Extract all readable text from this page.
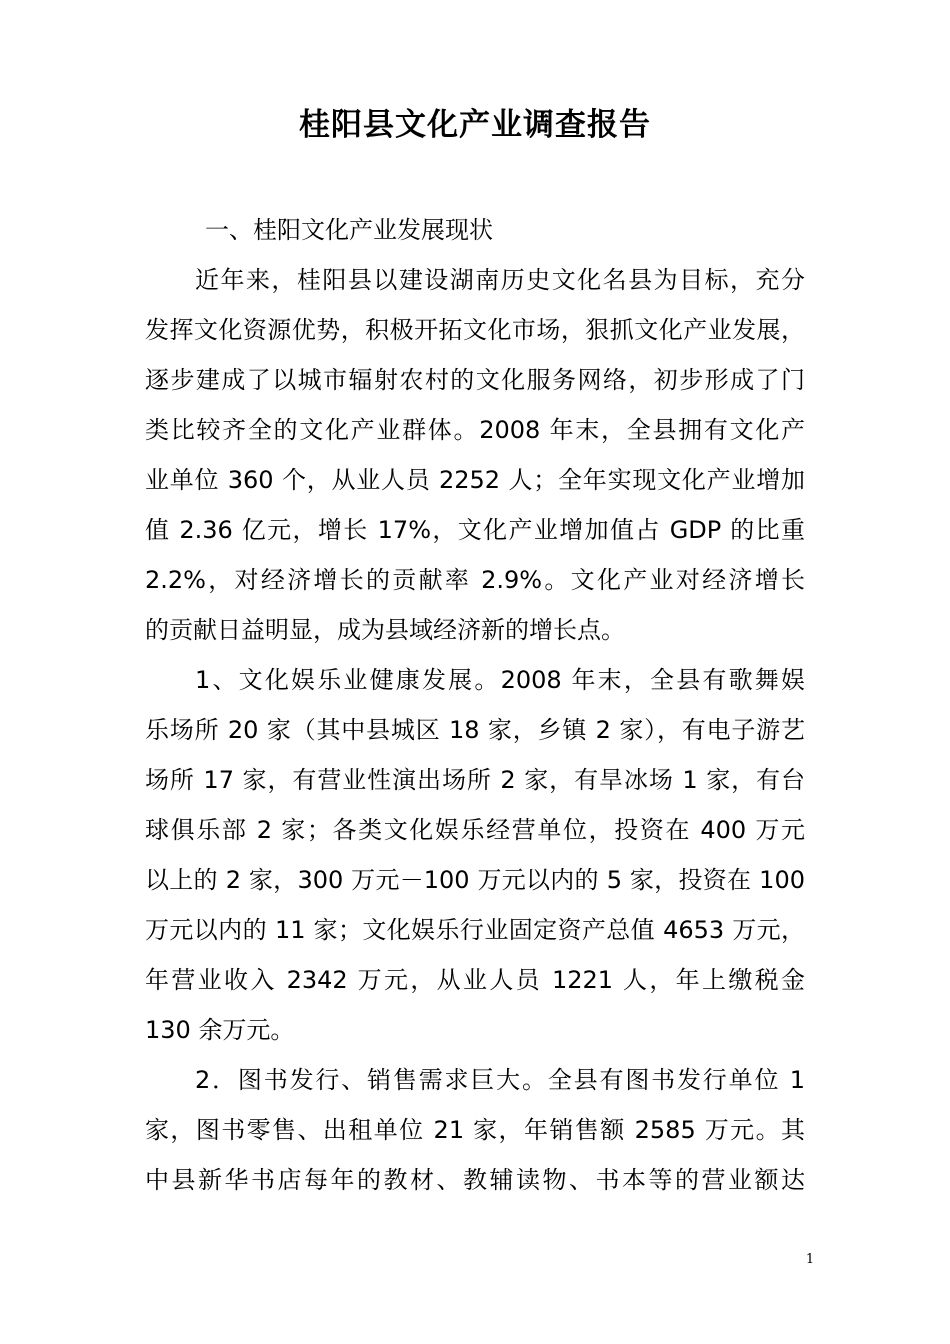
桂阳县文化产业调查报告
一、桂阳文化产业发展现状
近年来，桂阳县以建设湖南历史文化名县为目标，充分
发挥文化资源优势，积极开拓文化市场，狠抓文化产业发展，
逐步建成了以城市辐射农村的文化服务网络，初步形成了门
类比较齐全的文化产业群体。2008 年末，全县拥有文化产
业单位 360 个，从业人员 2252 人；全年实现文化产业增加
值 2.36 亿元，增长 17%，文化产业增加值占 GDP 的比重
2.2%，对经济增长的贡献率 2.9%。文化产业对经济增长
的贡献日益明显，成为县域经济新的增长点。
1、文化娱乐业健康发展。2008 年末，全县有歌舞娱
乐场所 20 家（其中县城区 18 家，乡镇 2 家），有电子游艺
场所 17 家，有营业性演出场所 2 家，有旱冰场 1 家，有台
球俱乐部 2 家；各类文化娱乐经营单位，投资在 400 万元
以上的 2 家，300 万元－100 万元以内的 5 家，投资在 100
万元以内的 11 家；文化娱乐行业固定资产总值 4653 万元，
年营业收入 2342 万元，从业人员 1221 人，年上缴税金
130 余万元。
2．图书发行、销售需求巨大。全县有图书发行单位 1
家，图书零售、出租单位 21 家，年销售额 2585 万元。其
中县新华书店每年的教材、教辅读物、书本等的营业额达
1
